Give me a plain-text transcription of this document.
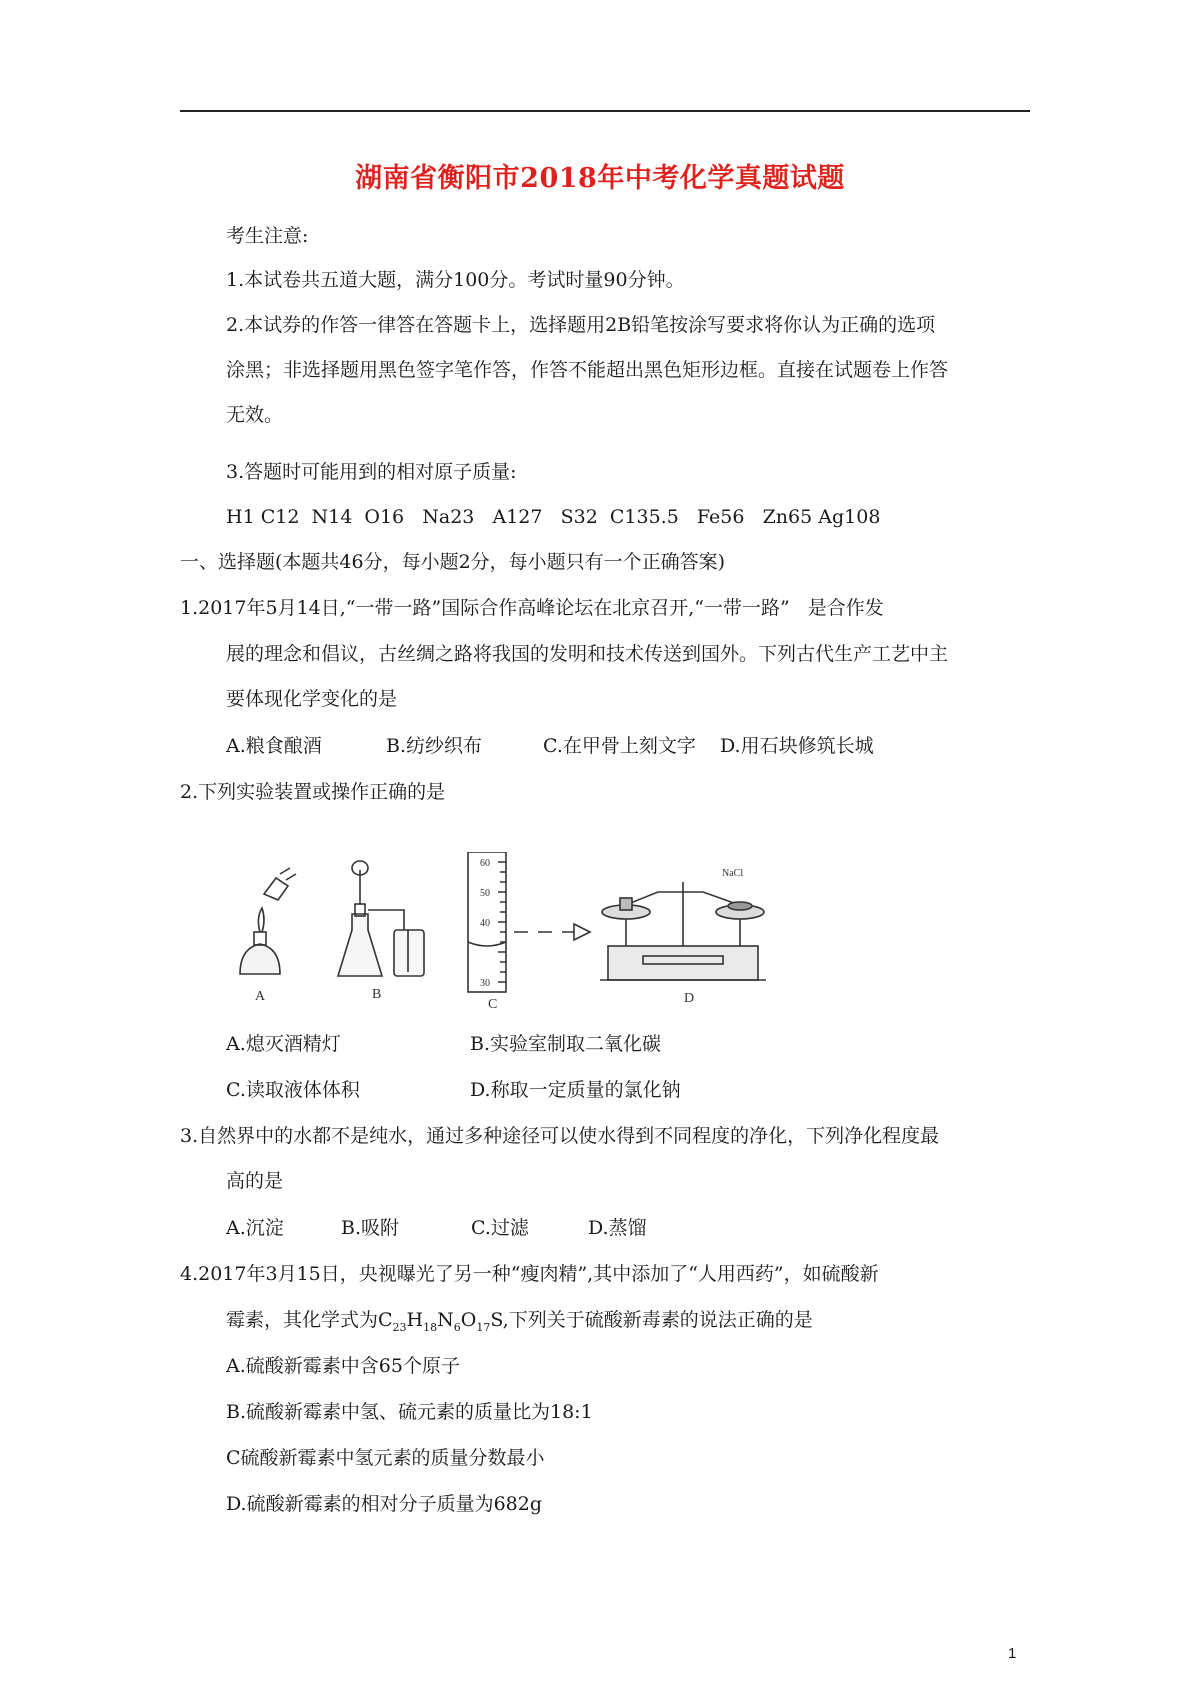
湖南省衡阳市2018年中考化学真题试题
考生注意:
1.本试卷共五道大题，满分100分。考试时量90分钟。
2.本试券的作答一律答在答题卡上，选择题用2B铅笔按涂写要求将你认为正确的选项
涂黑；非选择题用黑色签字笔作答，作答不能超出黑色矩形边框。直接在试题卷上作答
无效。
3.答题时可能用到的相对原子质量:
H1 C12  N14  O16   Na23   A127   S32  C135.5   Fe56   Zn65 Ag108
一、选择题(本题共46分，每小题2分，每小题只有一个正确答案)
1.2017年5月14日,“一带一路”国际合作高峰论坛在北京召开,“一带一路”   是合作发
展的理念和倡议，古丝绸之路将我国的发明和技术传送到国外。下列古代生产工艺中主
要体现化学变化的是
A.粮食酿酒	B.纺纱织布	C.在甲骨上刻文字 D.用石块修筑长城
2.下列实验装置或操作正确的是
A	B
60
50
40
30
C
NaCl
D
A.熄灭酒精灯	B.实验室制取二氧化碳
C.读取液体体积	D.称取一定质量的氯化钠
3.自然界中的水都不是纯水，通过多种途径可以使水得到不同程度的净化，下列净化程度最
高的是
A.沉淀	B.吸附	C.过滤	D.蒸馏
4.2017年3月15日，央视曝光了另一种“瘦肉精”,其中添加了“人用西药”，如硫酸新
霉素，其化学式为$C_{23}H_{18}N_6O_{17}S$,下列关于硫酸新毒素的说法正确的是
A.硫酸新霉素中含65个原子
B.硫酸新霉素中氢、硫元素的质量比为18:1
C硫酸新霉素中氢元素的质量分数最小
D.硫酸新霉素的相对分子质量为682g
1
